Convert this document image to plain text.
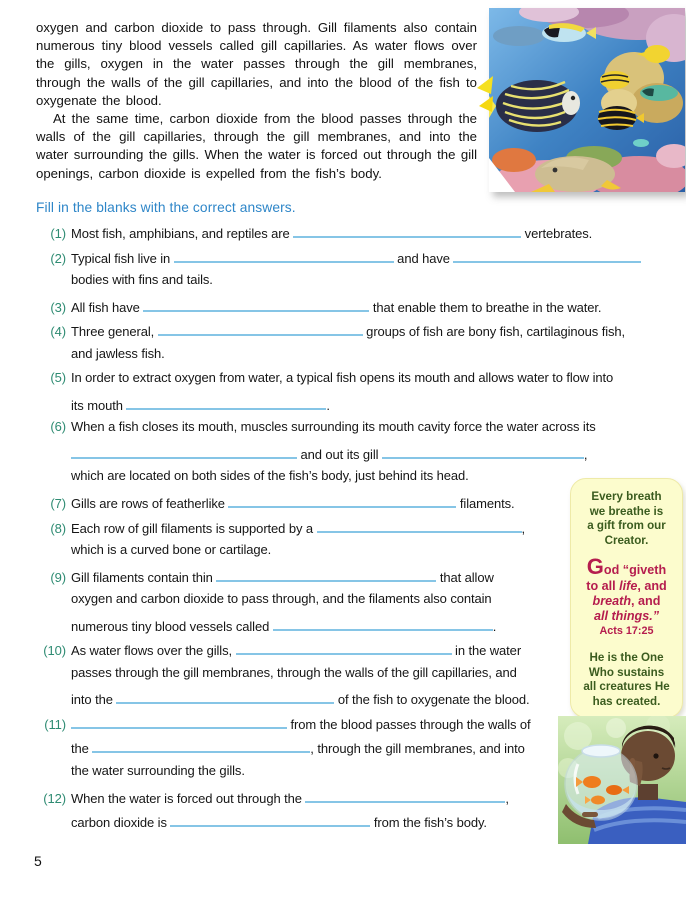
oxygen and carbon dioxide to pass through. Gill filaments also contain numerous tiny blood vessels called gill capillaries. As water flows over the gills, oxygen in the water passes through the gill membranes, through the walls of the gill capillaries, and into the blood of the fish to oxygenate the blood.

At the same time, carbon dioxide from the blood passes through the walls of the gill capillaries, through the gill membranes, and into the water surrounding the gills. When the water is forced out through the gill openings, carbon dioxide is expelled from the fish’s body.

Fill in the blanks with the correct answers.
(1) Most fish, amphibians, and reptiles are	vertebrates.
(2) Typical fish live in	and have
bodies with fins and tails.
(3) All fish have	that enable them to breathe in the water.
(4) Three general,	groups of fish are bony fish, cartilaginous fish,
and jawless fish.
(5) In order to extract oxygen from water, a typical fish opens its mouth and allows water to flow into
its mouth	.
(6) When a fish closes its mouth, muscles surrounding its mouth cavity force the water across its
and out its gill	,
which are located on both sides of the fish’s body, just behind its head.
(7) Gills are rows of featherlike	filaments.
(8) Each row of gill filaments is supported by a	,
which is a curved bone or cartilage.
(9) Gill filaments contain thin	that allow
oxygen and carbon dioxide to pass through, and the filaments also contain
numerous tiny blood vessels called	.
(10) As water flows over the gills,	in the water
passes through the gill membranes, through the walls of the gill capillaries, and
into the	of the fish to oxygenate the blood.
(11)	from the blood passes through the walls of
the	, through the gill membranes, and into
the water surrounding the gills.
(12) When the water is forced out through the	,
carbon dioxide is	from the fish’s body.
Every breath
we breathe is
a gift from our
Creator.
God “giveth
to all life, and
breath, and
all things.”
Acts 17:25
He is the One
Who sustains
all creatures He
has created.
5
